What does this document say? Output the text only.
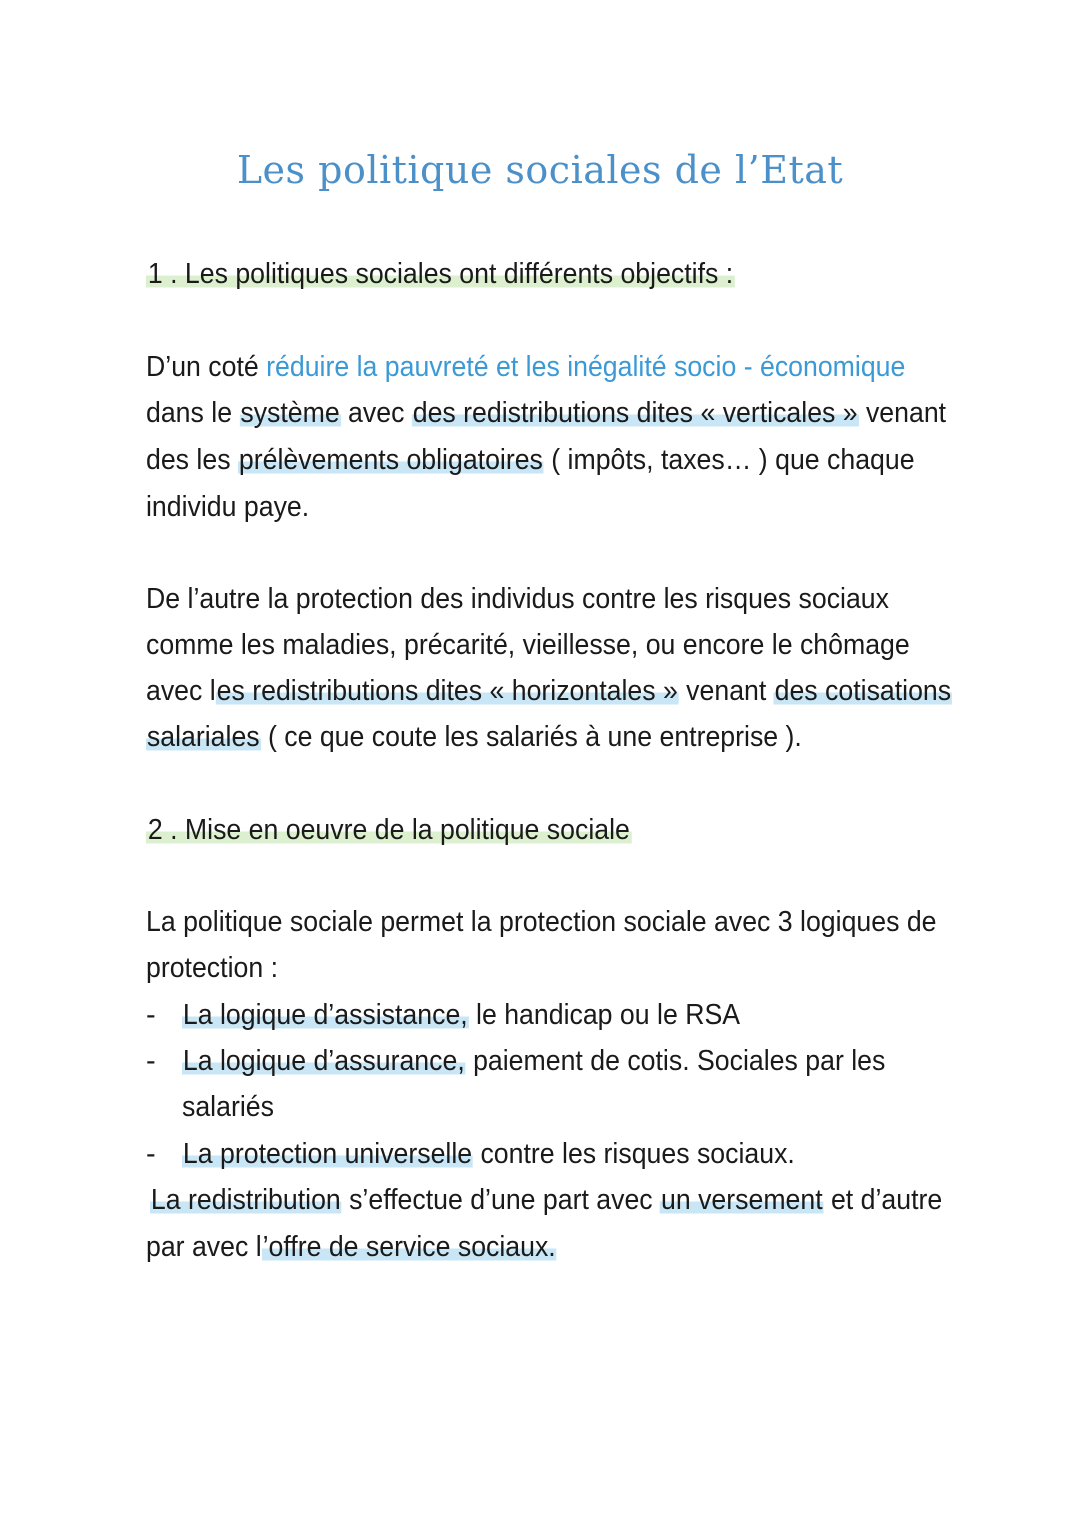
Les politique sociales de l’Etat
1 . Les politiques sociales ont différents objectifs :
D’un coté réduire la pauvreté et les inégalité socio - économique
dans le système avec des redistributions dites « verticales » venant
des les prélèvements obligatoires ( impôts, taxes… ) que chaque
individu paye.
De l’autre la protection des individus contre les risques sociaux
comme les maladies, précarité, vieillesse, ou encore le chômage
avec les redistributions dites « horizontales » venant des cotisations
salariales ( ce que coute les salariés à une entreprise ).
2 . Mise en oeuvre de la politique sociale
La politique sociale permet la protection sociale avec 3 logiques de
protection :
- La logique d’assistance, le handicap ou le RSA
- La logique d’assurance, paiement de cotis. Sociales par les
salariés
- La protection universelle contre les risques sociaux.
La redistribution s’effectue d’une part avec un versement et d’autre
par avec l’offre de service sociaux.
